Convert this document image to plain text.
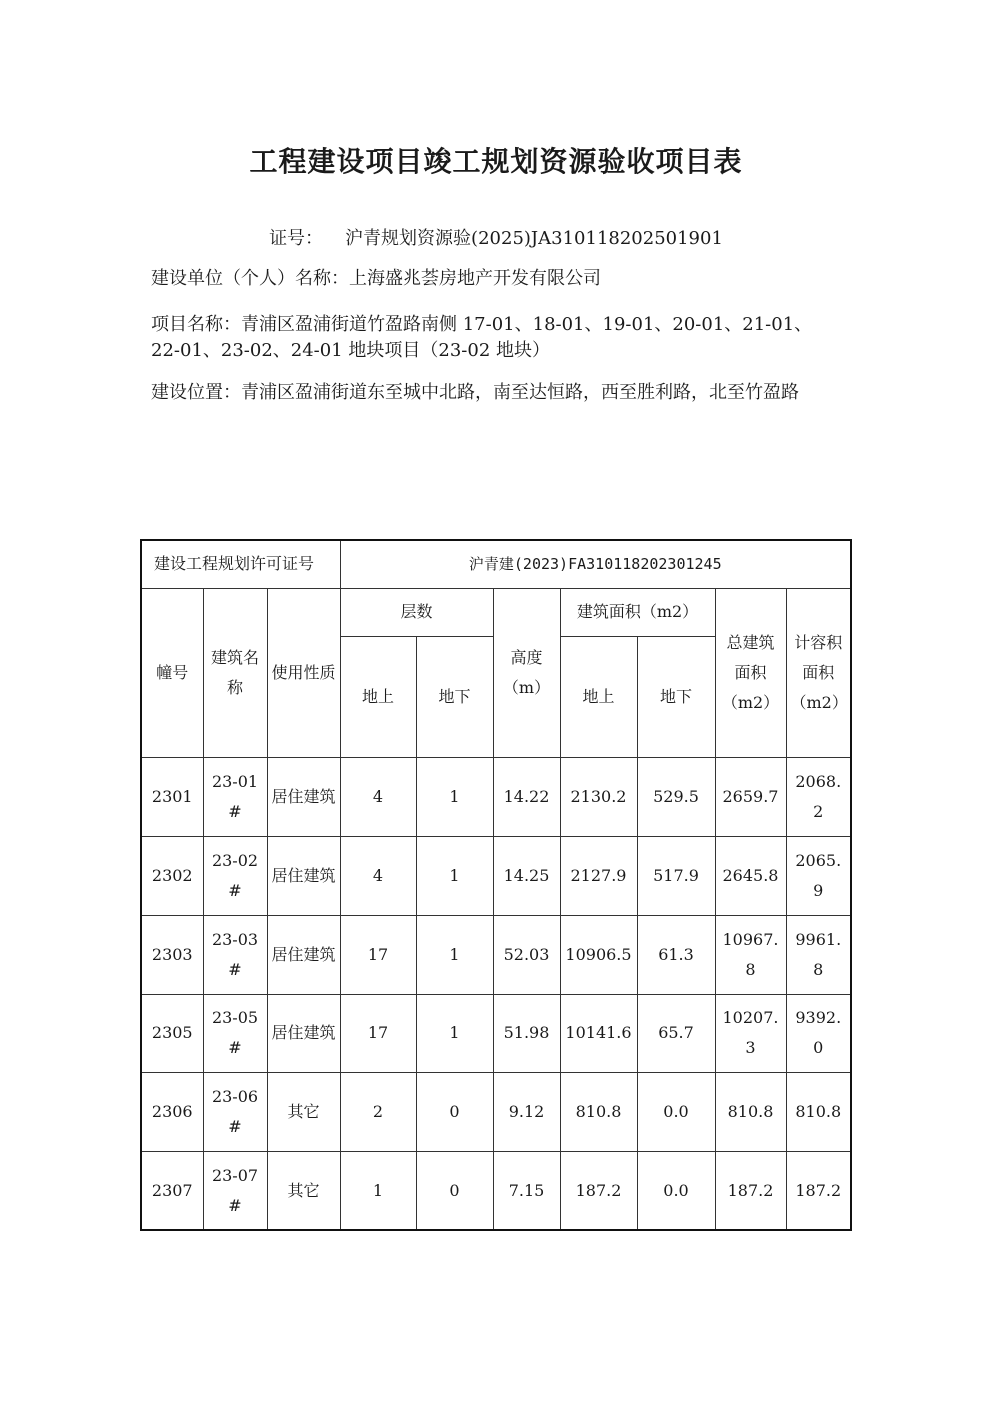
工程建设项目竣工规划资源验收项目表
证号： 沪青规划资源验(2025)JA310118202501901
建设单位（个人）名称：上海盛兆荟房地产开发有限公司
项目名称：青浦区盈浦街道竹盈路南侧 17-01、18-01、19-01、20-01、21-01、22-01、23-02、24-01 地块项目（23-02 地块）
建设位置：青浦区盈浦街道东至城中北路，南至达恒路，西至胜利路，北至竹盈路
建设工程规划许可证号			沪青建(2023)FA310118202301245						
幢号	建筑名称	使用性质	层数		高度（m）	建筑面积（m2）		总建筑面积（m2）	计容积面积（m2）
			地上	地下		地上	地下		
2301	23-01#	居住建筑	4	1	14.22	2130.2	529.5	2659.7	2068.2
2302	23-02#	居住建筑	4	1	14.25	2127.9	517.9	2645.8	2065.9
2303	23-03#	居住建筑	17	1	52.03	10906.5	61.3	10967.8	9961.8
2305	23-05#	居住建筑	17	1	51.98	10141.6	65.7	10207.3	9392.0
2306	23-06#	其它	2	0	9.12	810.8	0.0	810.8	810.8
2307	23-07#	其它	1	0	7.15	187.2	0.0	187.2	187.2
